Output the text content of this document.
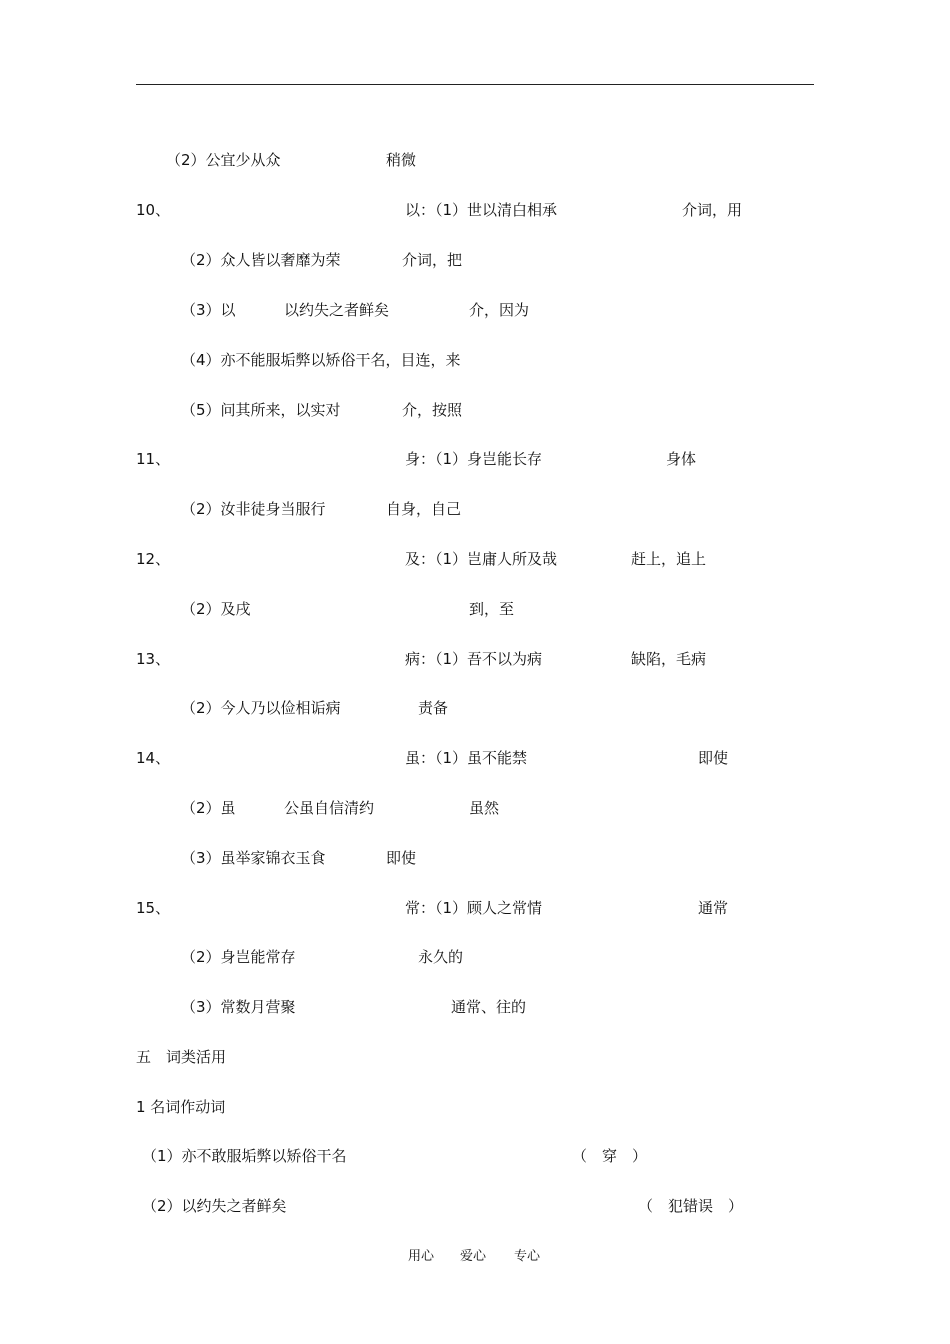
（2）公宜少从众	稍微
10、	以：（1）世以清白相承	介词，用
（2）众人皆以奢靡为荣	介词，把
（3）以	以约失之者鲜矣	介，因为
（4）亦不能服垢弊以矫俗干名，目连，来
（5）问其所来，以实对	介，按照
11、	身：（1）身岂能长存	身体
（2）汝非徒身当服行	自身，自己
12、	及：（1）岂庸人所及哉	赶上，追上
（2）及戌	到，至
13、	病：（1）吾不以为病	缺陷，毛病
（2）今人乃以俭相诟病	责备
14、	虽：（1）虽不能禁	即使
（2）虽	公虽自信清约	虽然
（3）虽举家锦衣玉食	即使
15、	常：（1）顾人之常情	通常
（2）身岂能常存	永久的
（3）常数月营聚	通常、往的
五　词类活用
1 名词作动词
（1）亦不敢服垢弊以矫俗干名	（　穿　）
（2）以约失之者鲜矣	（　犯错误　）
用心 爱心 专心
